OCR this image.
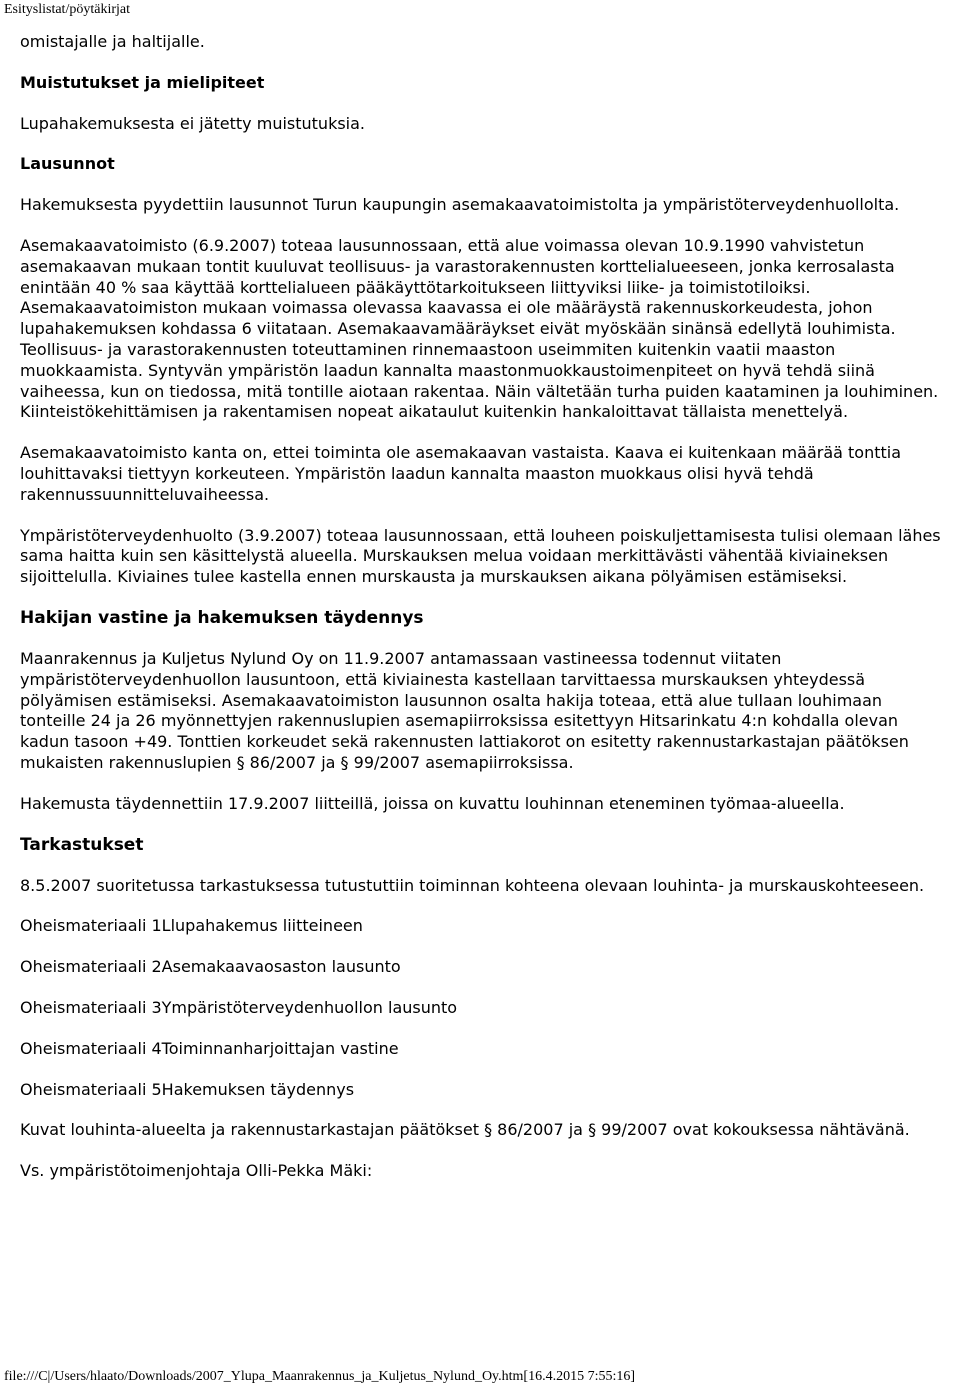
Esityslistat/pöytäkirjat

omistajalle ja haltijalle.

Muistutukset ja mielipiteet

Lupahakemuksesta ei jätetty muistutuksia.

Lausunnot

Hakemuksesta pyydettiin lausunnot Turun kaupungin asemakaavatoimistolta ja ympäristöterveydenhuollolta.

Asemakaavatoimisto (6.9.2007) toteaa lausunnossaan, että alue voimassa olevan 10.9.1990 vahvistetun asemakaavan mukaan tontit kuuluvat teollisuus- ja varastorakennusten korttelialueeseen, jonka kerrosalasta enintään 40 % saa käyttää korttelialueen pääkäyttötarkoitukseen liittyviksi liike- ja toimistotiloiksi. Asemakaavatoimiston mukaan voimassa olevassa kaavassa ei ole määräystä rakennuskorkeudesta, johon lupahakemuksen kohdassa 6 viitataan. Asemakaavamääräykset eivät myöskään sinänsä edellytä louhimista. Teollisuus- ja varastorakennusten toteuttaminen rinnemaastoon useimmiten kuitenkin vaatii maaston muokkaamista. Syntyvän ympäristön laadun kannalta maastonmuokkaustoimenpiteet on hyvä tehdä siinä vaiheessa, kun on tiedossa, mitä tontille aiotaan rakentaa. Näin vältetään turha puiden kaataminen ja louhiminen. Kiinteistökehittämisen ja rakentamisen nopeat aikataulut kuitenkin hankaloittavat tällaista menettelyä.

Asemakaavatoimisto kanta on, ettei toiminta ole asemakaavan vastaista. Kaava ei kuitenkaan määrää tonttia louhittavaksi tiettyyn korkeuteen. Ympäristön laadun kannalta maaston muokkaus olisi hyvä tehdä rakennussuunnitteluvaiheessa.

Ympäristöterveydenhuolto (3.9.2007) toteaa lausunnossaan, että louheen poiskuljettamisesta tulisi olemaan lähes sama haitta kuin sen käsittelystä alueella. Murskauksen melua voidaan merkittävästi vähentää kiviaineksen sijoittelulla. Kiviaines tulee kastella ennen murskausta ja murskauksen aikana pölyämisen estämiseksi.

Hakijan vastine ja hakemuksen täydennys

Maanrakennus ja Kuljetus Nylund Oy on 11.9.2007 antamassaan vastineessa todennut viitaten ympäristöterveydenhuollon lausuntoon, että kiviainesta kastellaan tarvittaessa murskauksen yhteydessä pölyämisen estämiseksi. Asemakaavatoimiston lausunnon osalta hakija toteaa, että alue tullaan louhimaan tonteille 24 ja 26 myönnettyjen rakennuslupien asemapiirroksissa esitettyyn Hitsarinkatu 4:n kohdalla olevan kadun tasoon +49. Tonttien korkeudet sekä rakennusten lattiakorot on esitetty rakennustarkastajan päätöksen mukaisten rakennuslupien § 86/2007 ja § 99/2007 asemapiirroksissa.

Hakemusta täydennettiin 17.9.2007 liitteillä, joissa on kuvattu louhinnan eteneminen työmaa-alueella.

Tarkastukset

8.5.2007 suoritetussa tarkastuksessa tutustuttiin toiminnan kohteena olevaan louhinta- ja murskauskohteeseen.

Oheismateriaali 1Llupahakemus liitteineen

Oheismateriaali 2Asemakaavaosaston lausunto

Oheismateriaali 3Ympäristöterveydenhuollon lausunto

Oheismateriaali 4Toiminnanharjoittajan vastine

Oheismateriaali 5Hakemuksen täydennys

Kuvat louhinta-alueelta ja rakennustarkastajan päätökset § 86/2007 ja § 99/2007 ovat kokouksessa nähtävänä.

Vs. ympäristötoimenjohtaja Olli-Pekka Mäki:

file:///C|/Users/hlaato/Downloads/2007_Ylupa_Maanrakennus_ja_Kuljetus_Nylund_Oy.htm[16.4.2015 7:55:16]
